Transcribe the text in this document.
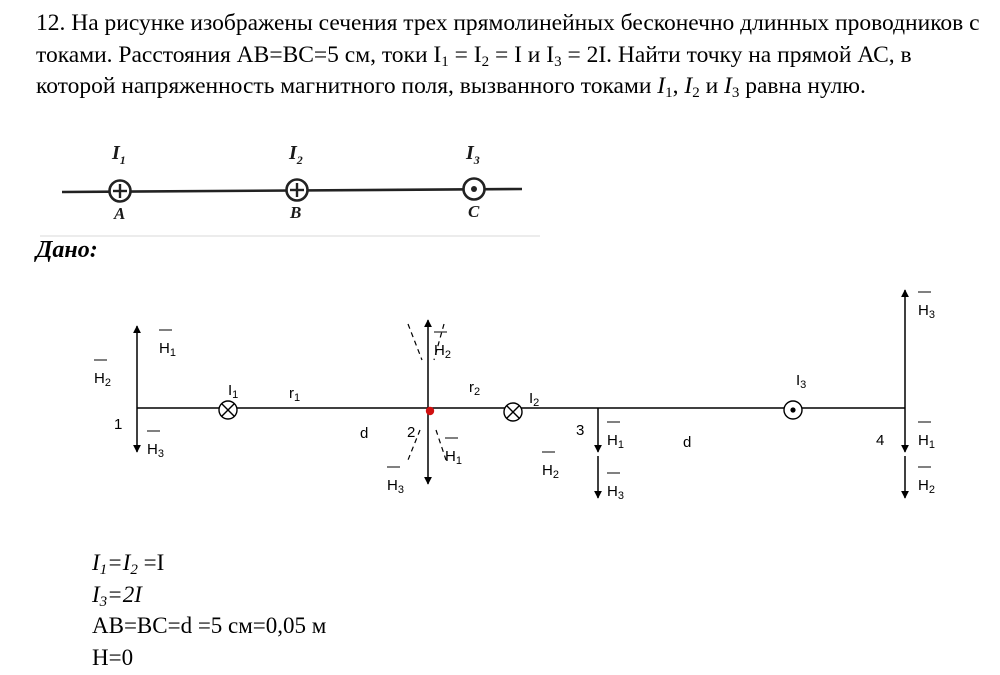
12. На рисунке изображены сечения трех прямолинейных бесконечно длинных проводников с токами. Расстояния AB=BC=5 см, токи $I_1 = I_2 = I$ и $I_3 = 2I$. Найти точку на прямой АС, в которой напряженность магнитного поля, вызванного токами $I_1$, $I_2$ и $I_3$ равна нулю.

$I_1$	$I_2$	$I_3$
A	B	C
Дано:
$H_1$
$H_2$
$H_3$
$H_2$
$H_1$
$H_3$
$H_1$
$H_2$
$H_3$
$H_3$
$H_1$
$H_2$
$I_1$	$r_1$
$r_2$	$I_2$
$I_3$
d
d
1	2	3
4
$I_1=I_2 =I$
$I_3=2I$
AB=BC=d =5 см=0,05 м
H=0
